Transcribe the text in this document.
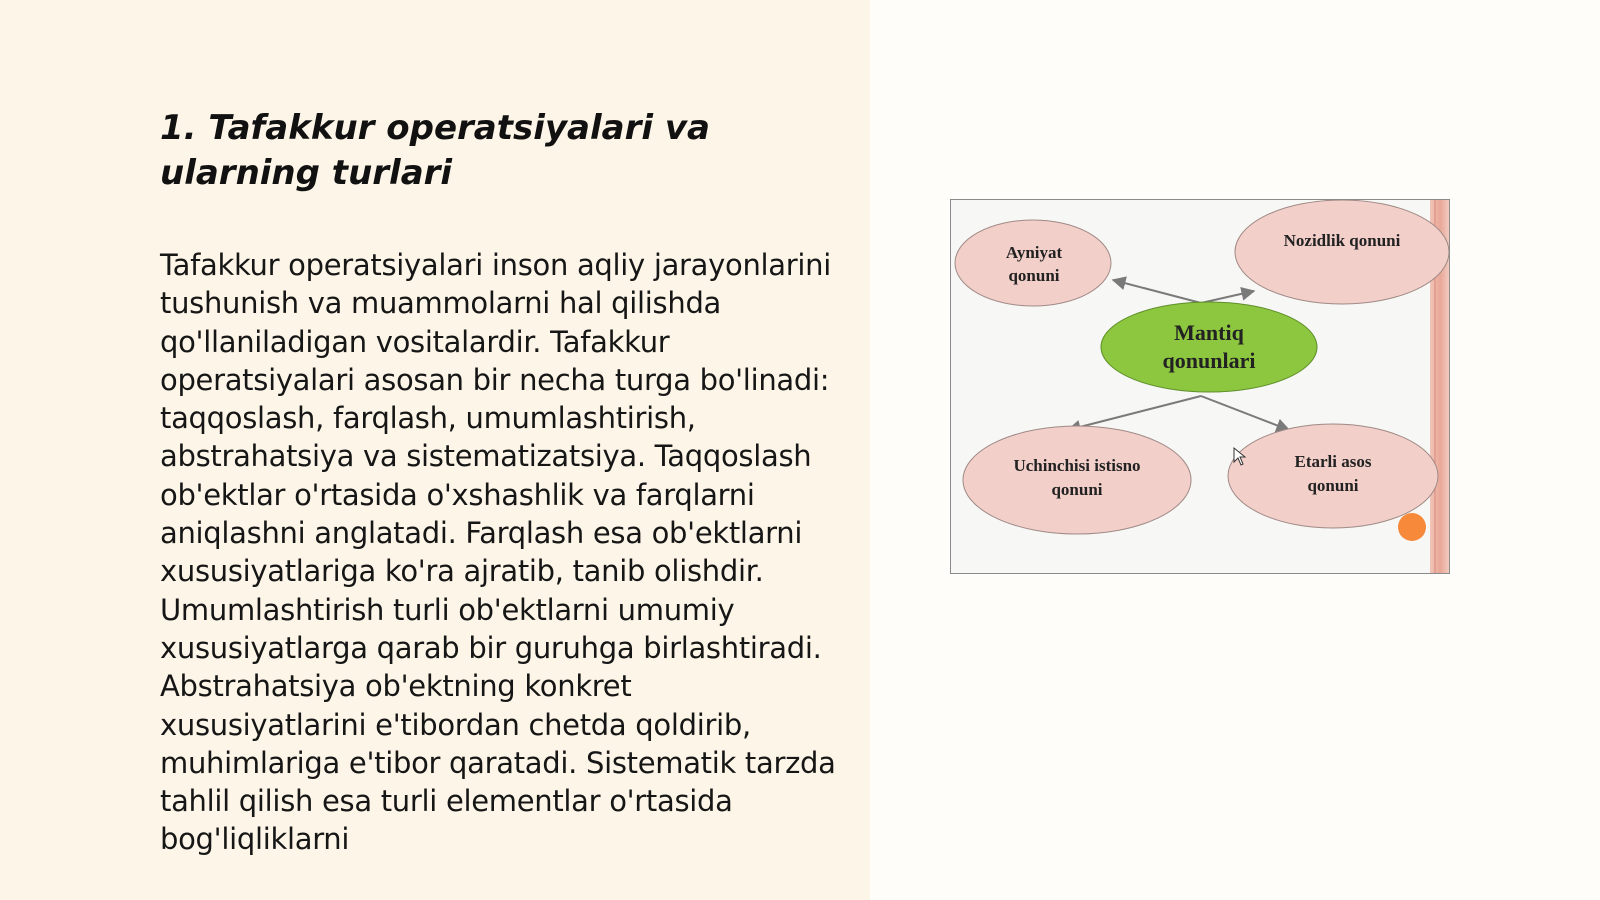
1. Tafakkur operatsiyalari va ularning turlari

Tafakkur operatsiyalari inson aqliy jarayonlarini tushunish va muammolarni hal qilishda qo'llaniladigan vositalardir. Tafakkur operatsiyalari asosan bir necha turga bo'linadi: taqqoslash, farqlash, umumlashtirish, abstrahatsiya va sistematizatsiya. Taqqoslash ob'ektlar o'rtasida o'xshashlik va farqlarni aniqlashni anglatadi. Farqlash esa ob'ektlarni xususiyatlariga ko'ra ajratib, tanib olishdir. Umumlashtirish turli ob'ektlarni umumiy xususiyatlarga qarab bir guruhga birlashtiradi. Abstrahatsiya ob'ektning konkret xususiyatlarini e'tibordan chetda qoldirib, muhimlariga e'tibor qaratadi. Sistematik tarzda tahlil qilish esa turli elementlar o'rtasida bog'liqliklarni

Ayniyat
qonuni
Nozidlik qonuni
Uchinchisi istisno
qonuni
Etarli asos
qonuni
Mantiq
qonunlari
